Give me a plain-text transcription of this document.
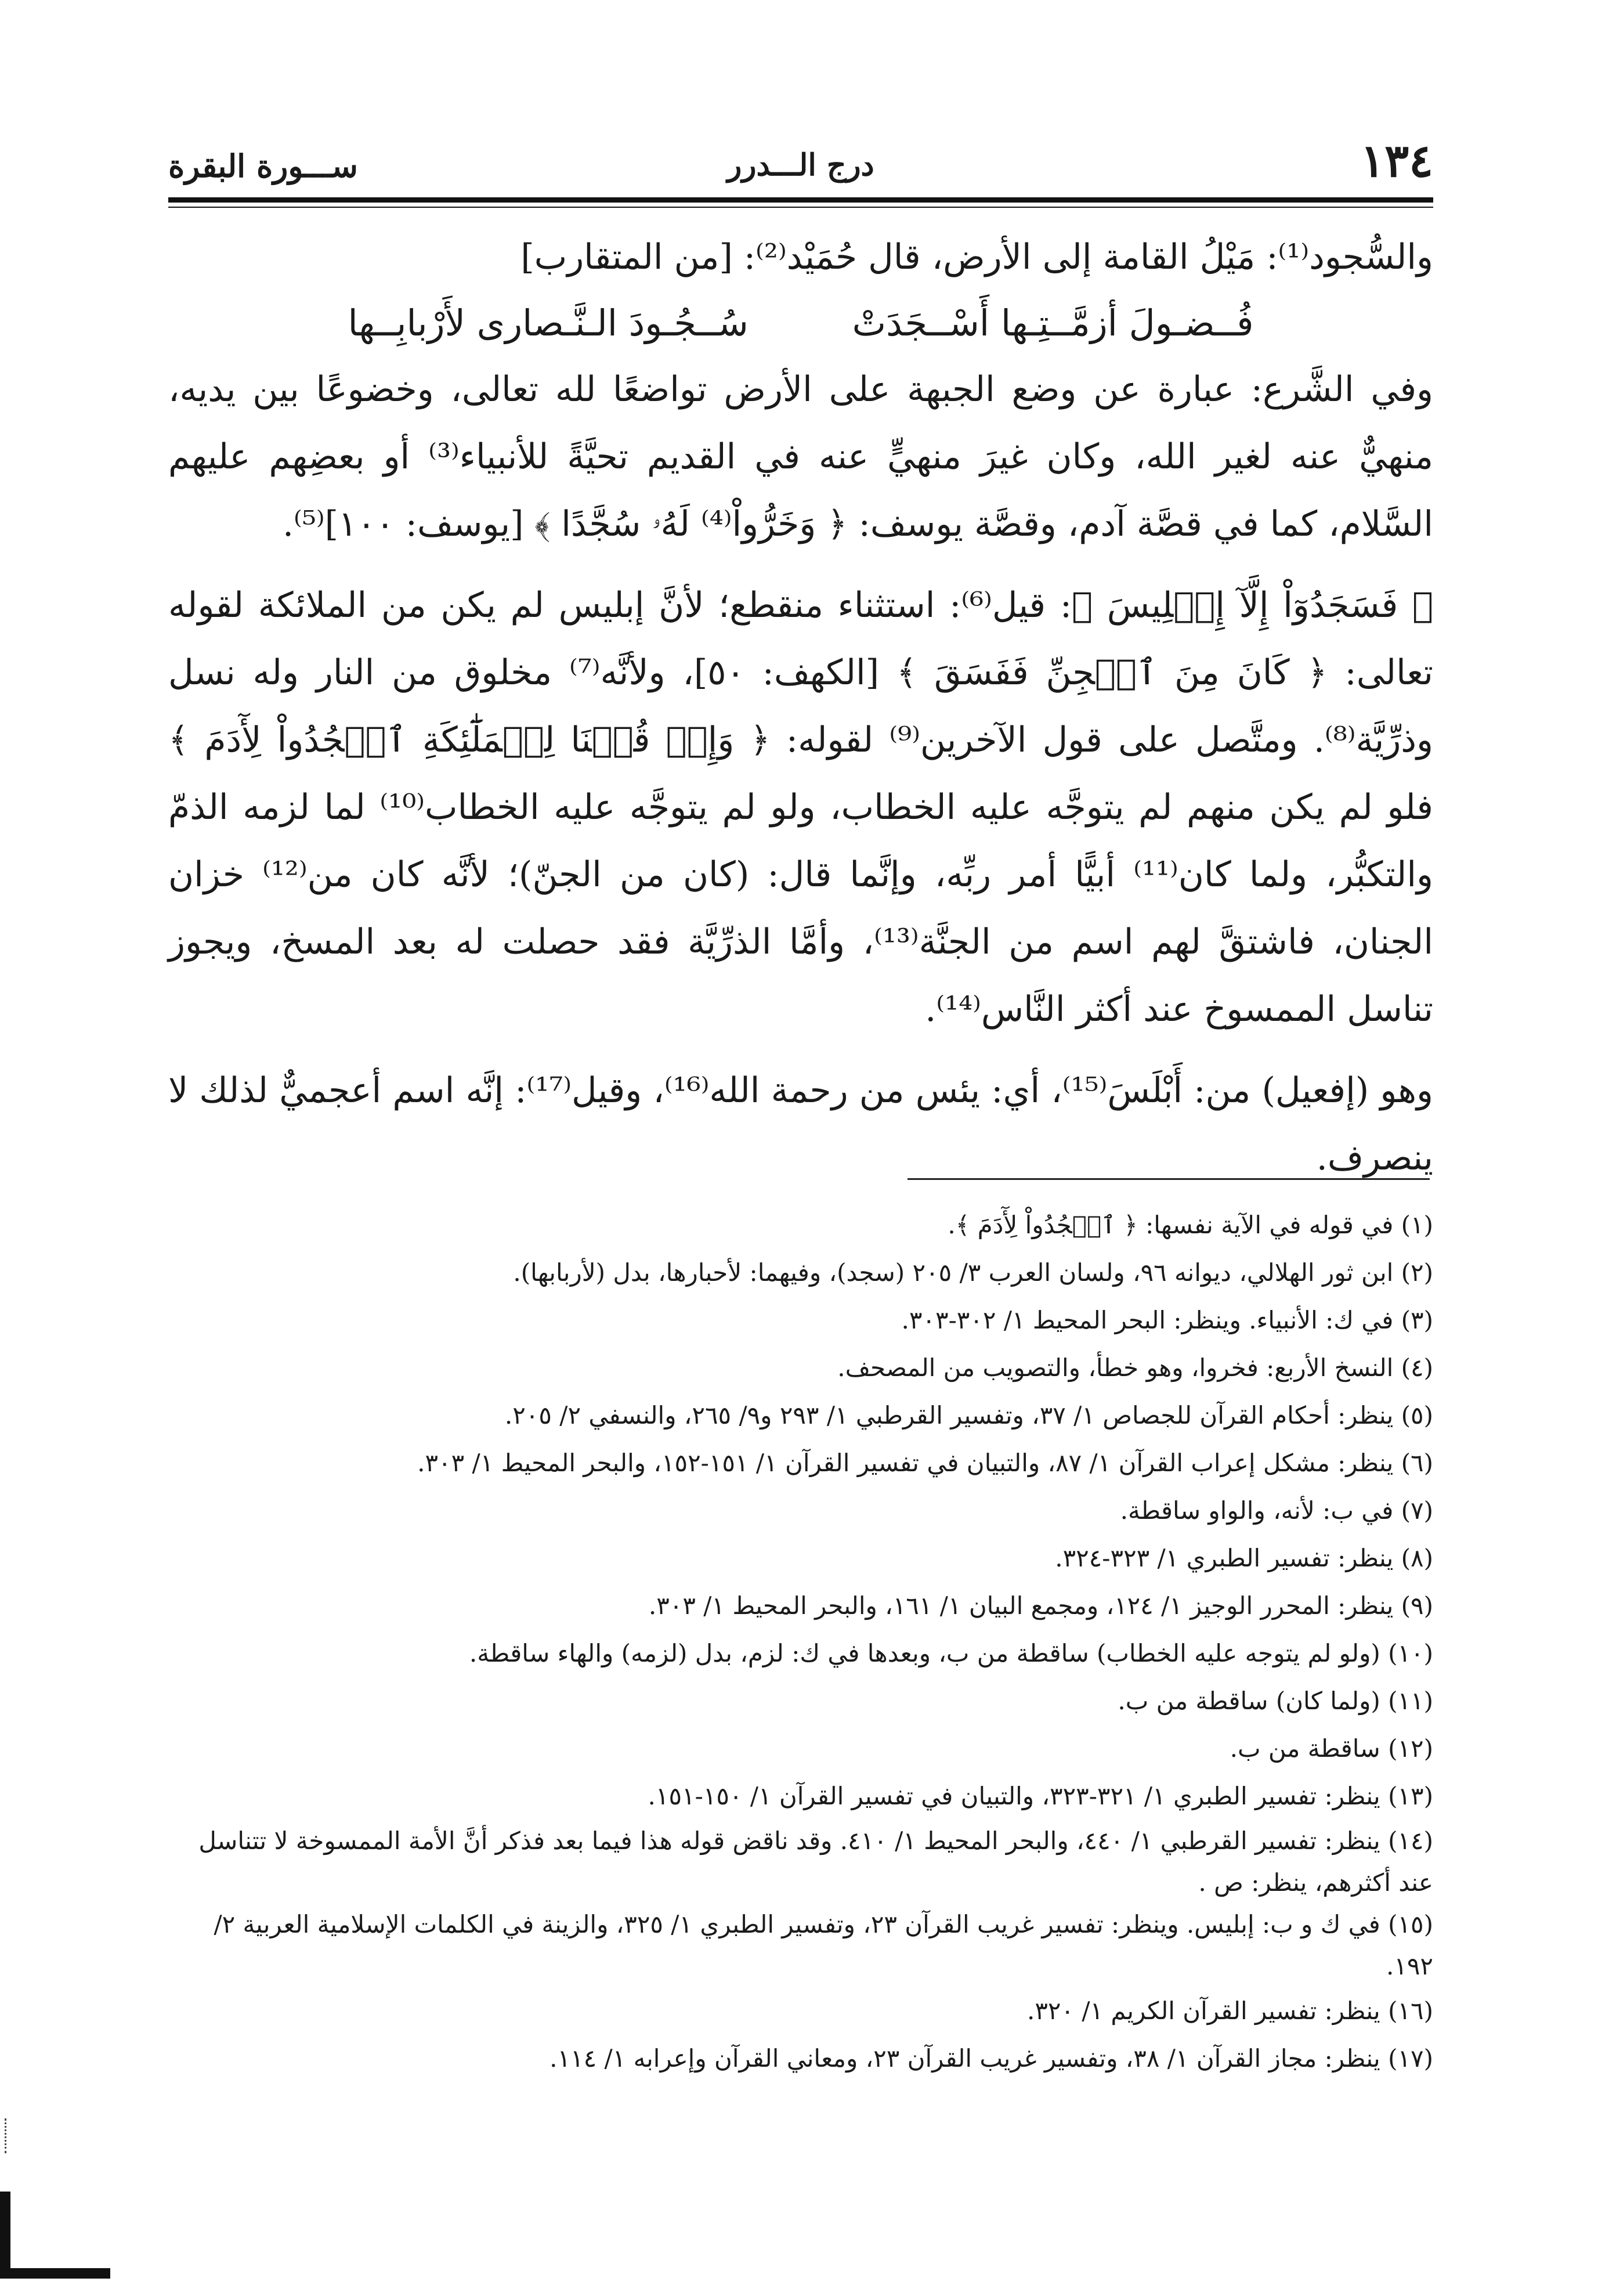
١٣٤
درج الـــدرر
ســـورة البقرة

والسُّجود⁽¹⁾: مَيْلُ القامة إلى الأرض، قال حُمَيْد⁽²⁾: [من المتقارب]

فُــضـولَ أزمَّــتِـها أَسْــجَدَتْ
سُــجُـودَ الـنَّـصارى لأَرْبابِــها

وفي الشَّرع: عبارة عن وضع الجبهة على الأرض تواضعًا لله تعالى، وخضوعًا بين يديه، منهيٌّ عنه لغير الله، وكان غيرَ منهيٍّ عنه في القديم تحيَّةً للأنبياء⁽³⁾ أو بعضِهم عليهم السَّلام، كما في قصَّة آدم، وقصَّة يوسف: ﴿ وَخَرُّواْ⁽⁴⁾ لَهُۥ سُجَّدًا ﴾ [يوسف: ١٠٠]⁽⁵⁾.

﴿ فَسَجَدُوٓاْ إِلَّآ إِبۡلِيسَ ﴾: قيل⁽⁶⁾: استثناء منقطع؛ لأنَّ إبليس لم يكن من الملائكة لقوله تعالى: ﴿ كَانَ مِنَ ٱلۡجِنِّ فَفَسَقَ ﴾ [الكهف: ٥٠]، ولأنَّه⁽⁷⁾ مخلوق من النار وله نسل وذرِّيَّة⁽⁸⁾. ومتَّصل على قول الآخرين⁽⁹⁾ لقوله: ﴿ وَإِذۡ قُلۡنَا لِلۡمَلَٰٓئِكَةِ ٱسۡجُدُواْ لِأٓدَمَ ﴾ فلو لم يكن منهم لم يتوجَّه عليه الخطاب، ولو لم يتوجَّه عليه الخطاب⁽¹⁰⁾ لما لزمه الذمّ والتكبُّر، ولما كان⁽¹¹⁾ أبيًّا أمر ربِّه، وإنَّما قال: (كان من الجنّ)؛ لأنَّه كان من⁽¹²⁾ خزان الجنان، فاشتقَّ لهم اسم من الجنَّة⁽¹³⁾، وأمَّا الذرِّيَّة فقد حصلت له بعد المسخ، ويجوز تناسل الممسوخ عند أكثر النَّاس⁽¹⁴⁾.

وهو (إفعيل) من: أَبْلَسَ⁽¹⁵⁾، أي: يئس من رحمة الله⁽¹⁶⁾، وقيل⁽¹⁷⁾: إنَّه اسم أعجميٌّ لذلك لا ينصرف.

(١) في قوله في الآية نفسها: ﴿ ٱسۡجُدُواْ لِأٓدَمَ ﴾.

(٢) ابن ثور الهلالي، ديوانه ٩٦، ولسان العرب ٣/ ٢٠٥ (سجد)، وفيهما: لأحبارها، بدل (لأربابها).

(٣) في ك: الأنبياء. وينظر: البحر المحيط ١/ ٣٠٢-٣٠٣.

(٤) النسخ الأربع: فخروا، وهو خطأ، والتصويب من المصحف.

(٥) ينظر: أحكام القرآن للجصاص ١/ ٣٧، وتفسير القرطبي ١/ ٢٩٣ و٩/ ٢٦٥، والنسفي ٢/ ٢٠٥.

(٦) ينظر: مشكل إعراب القرآن ١/ ٨٧، والتبيان في تفسير القرآن ١/ ١٥١-١٥٢، والبحر المحيط ١/ ٣٠٣.

(٧) في ب: لأنه، والواو ساقطة.

(٨) ينظر: تفسير الطبري ١/ ٣٢٣-٣٢٤.

(٩) ينظر: المحرر الوجيز ١/ ١٢٤، ومجمع البيان ١/ ١٦١، والبحر المحيط ١/ ٣٠٣.

(١٠) (ولو لم يتوجه عليه الخطاب) ساقطة من ب، وبعدها في ك: لزم، بدل (لزمه) والهاء ساقطة.

(١١) (ولما كان) ساقطة من ب.

(١٢) ساقطة من ب.

(١٣) ينظر: تفسير الطبري ١/ ٣٢١-٣٢٣، والتبيان في تفسير القرآن ١/ ١٥٠-١٥١.

(١٤) ينظر: تفسير القرطبي ١/ ٤٤٠، والبحر المحيط ١/ ٤١٠. وقد ناقض قوله هذا فيما بعد فذكر أنَّ الأمة الممسوخة لا تتناسل عند أكثرهم، ينظر: ص .

(١٥) في ك و ب: إبليس. وينظر: تفسير غريب القرآن ٢٣، وتفسير الطبري ١/ ٣٢٥، والزينة في الكلمات الإسلامية العربية ٢/ ١٩٢.

(١٦) ينظر: تفسير القرآن الكريم ١/ ٣٢٠.

(١٧) ينظر: مجاز القرآن ١/ ٣٨، وتفسير غريب القرآن ٢٣، ومعاني القرآن وإعرابه ١/ ١١٤.
